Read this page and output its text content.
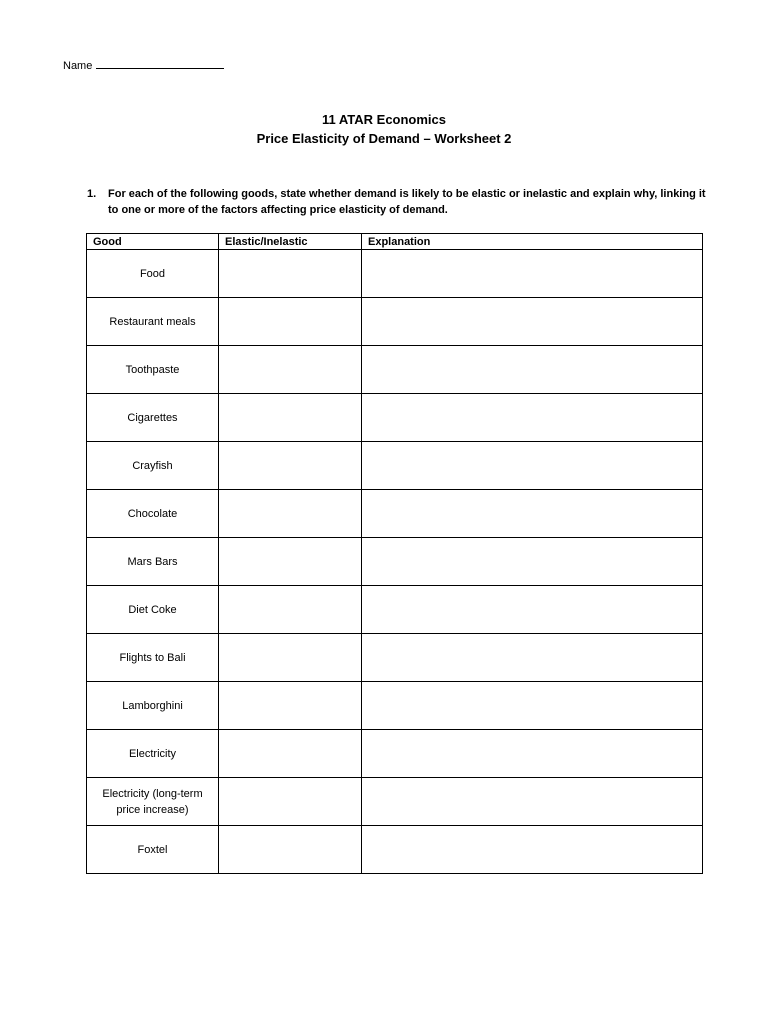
Name
11 ATAR Economics
Price Elasticity of Demand – Worksheet 2
1. For each of the following goods, state whether demand is likely to be elastic or inelastic and explain why, linking it to one or more of the factors affecting price elasticity of demand.
Good	Elastic/Inelastic	Explanation
Food		
Restaurant meals		
Toothpaste		
Cigarettes		
Crayfish		
Chocolate		
Mars Bars		
Diet Coke		
Flights to Bali		
Lamborghini		
Electricity		
Electricity (long-term price increase)		
Foxtel		
